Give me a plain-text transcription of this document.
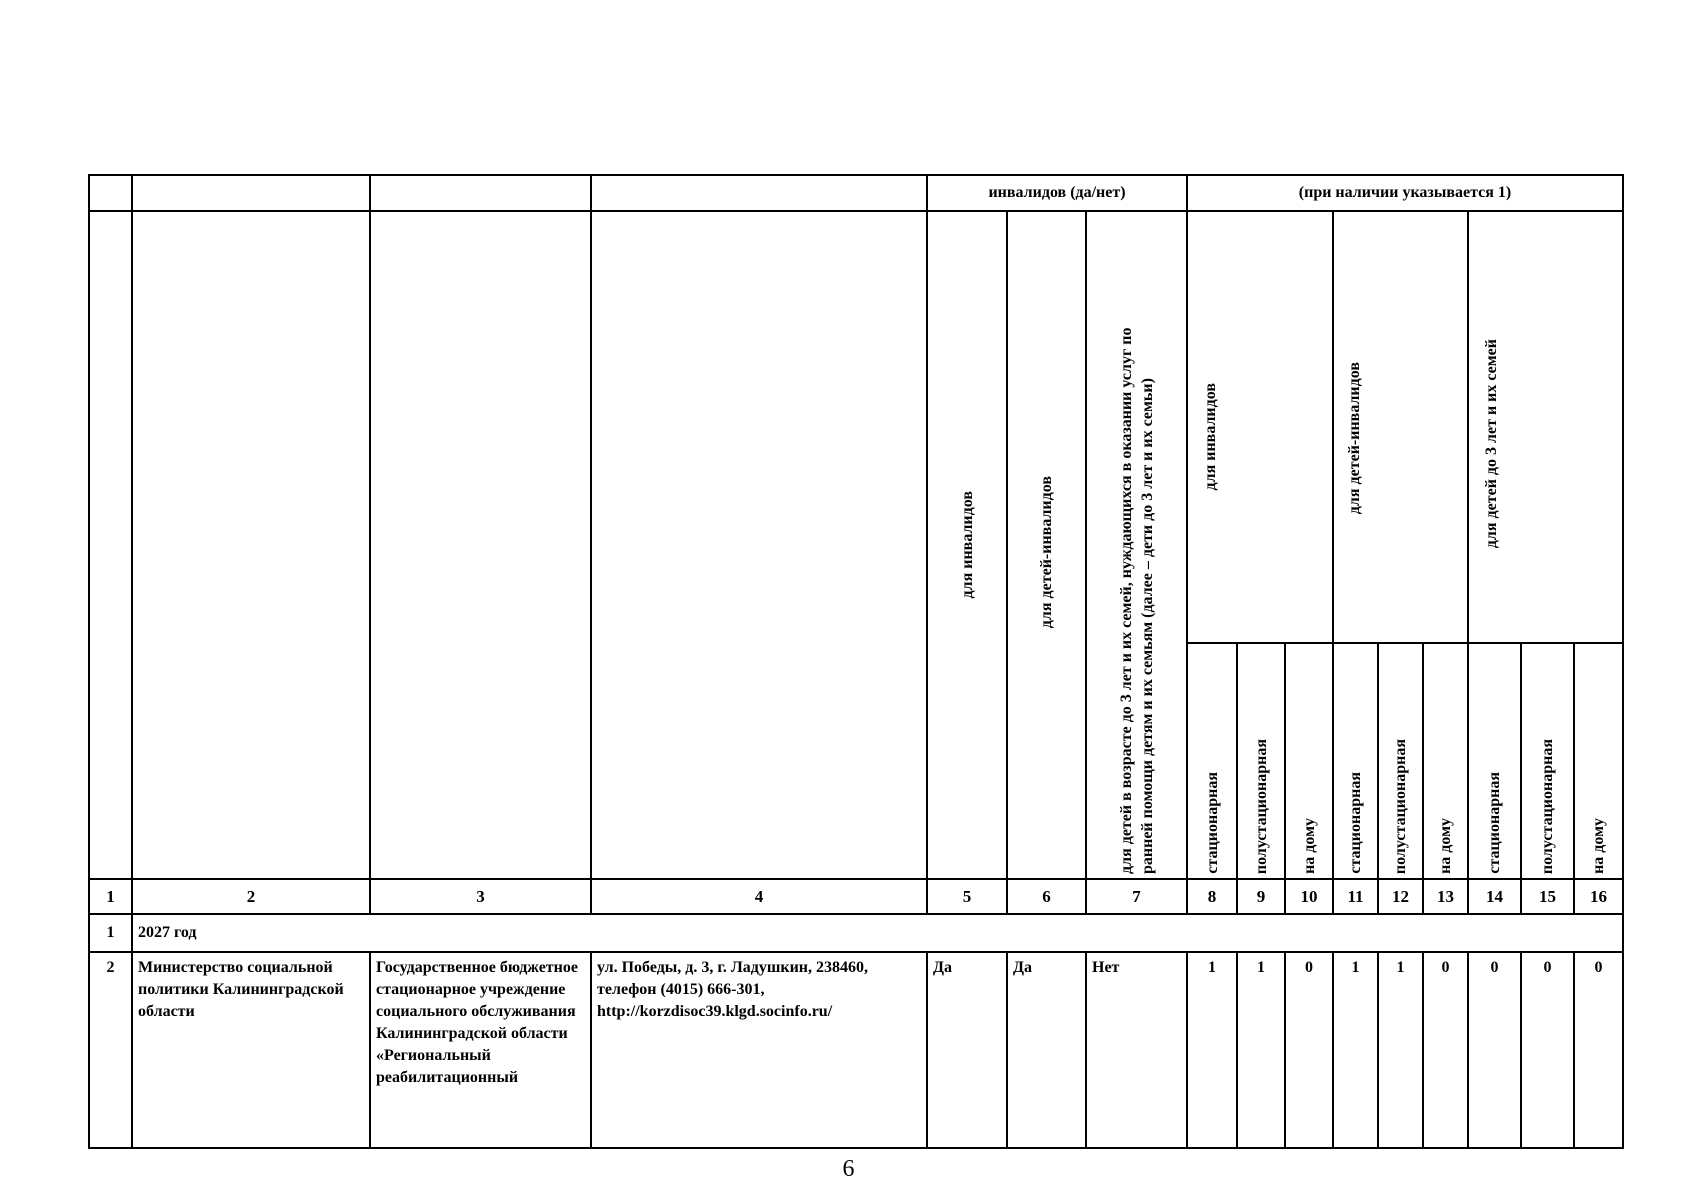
				инвалидов (да/нет)			(при наличии указывается 1)								

				для инвалидов	для детей-инвалидов	для детей в возрасте до 3 лет и их семей, нуждающихся в оказании услуг по ранней помощи детям и их семьям (далее – дети до 3 лет и их семьи)	для инвалидов			для детей-инвалидов			для детей до 3 лет и их семей		

							стационарная	полустационарная	на дому	стационарная	полустационарная	на дому	стационарная	полустационарная	на дому

1	2	3	4	5	6	7	8	9	10	11	12	13	14	15	16
1	2027 год														
2	Министерство социальной политики Калининградской области	Государственное бюджетное стационарное учреждение социального обслуживания Калининградской области «Региональный реабилитационный	ул. Победы, д. 3, г. Ладушкин, 238460, телефон (4015) 666-301, http://korzdisoc39.klgd.socinfo.ru/	Да	Да	Нет	1	1	0	1	1	0	0	0	0
6
